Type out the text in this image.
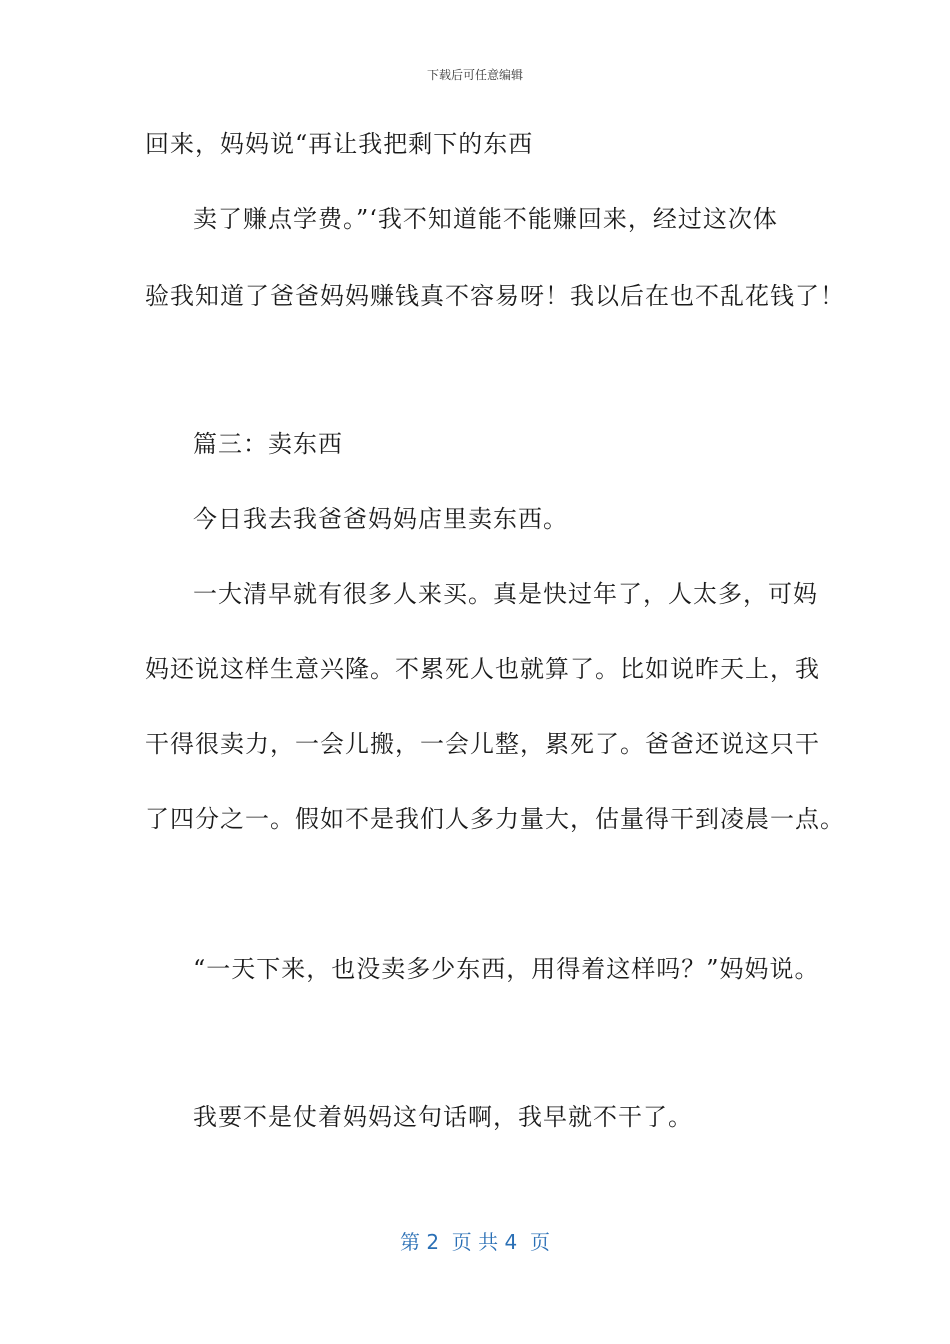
下载后可任意编辑
回来，妈妈说“再让我把剩下的东西
卖了赚点学费。”‘我不知道能不能赚回来，经过这次体
验我知道了爸爸妈妈赚钱真不容易呀！我以后在也不乱花钱了！
篇三：卖东西
今日我去我爸爸妈妈店里卖东西。
一大清早就有很多人来买。真是快过年了，人太多，可妈
妈还说这样生意兴隆。不累死人也就算了。比如说昨天上，我
干得很卖力，一会儿搬，一会儿整，累死了。爸爸还说这只干
了四分之一。假如不是我们人多力量大，估量得干到凌晨一点。
“一天下来，也没卖多少东西，用得着这样吗？”妈妈说。
我要不是仗着妈妈这句话啊，我早就不干了。
第 2  页 共 4  页
